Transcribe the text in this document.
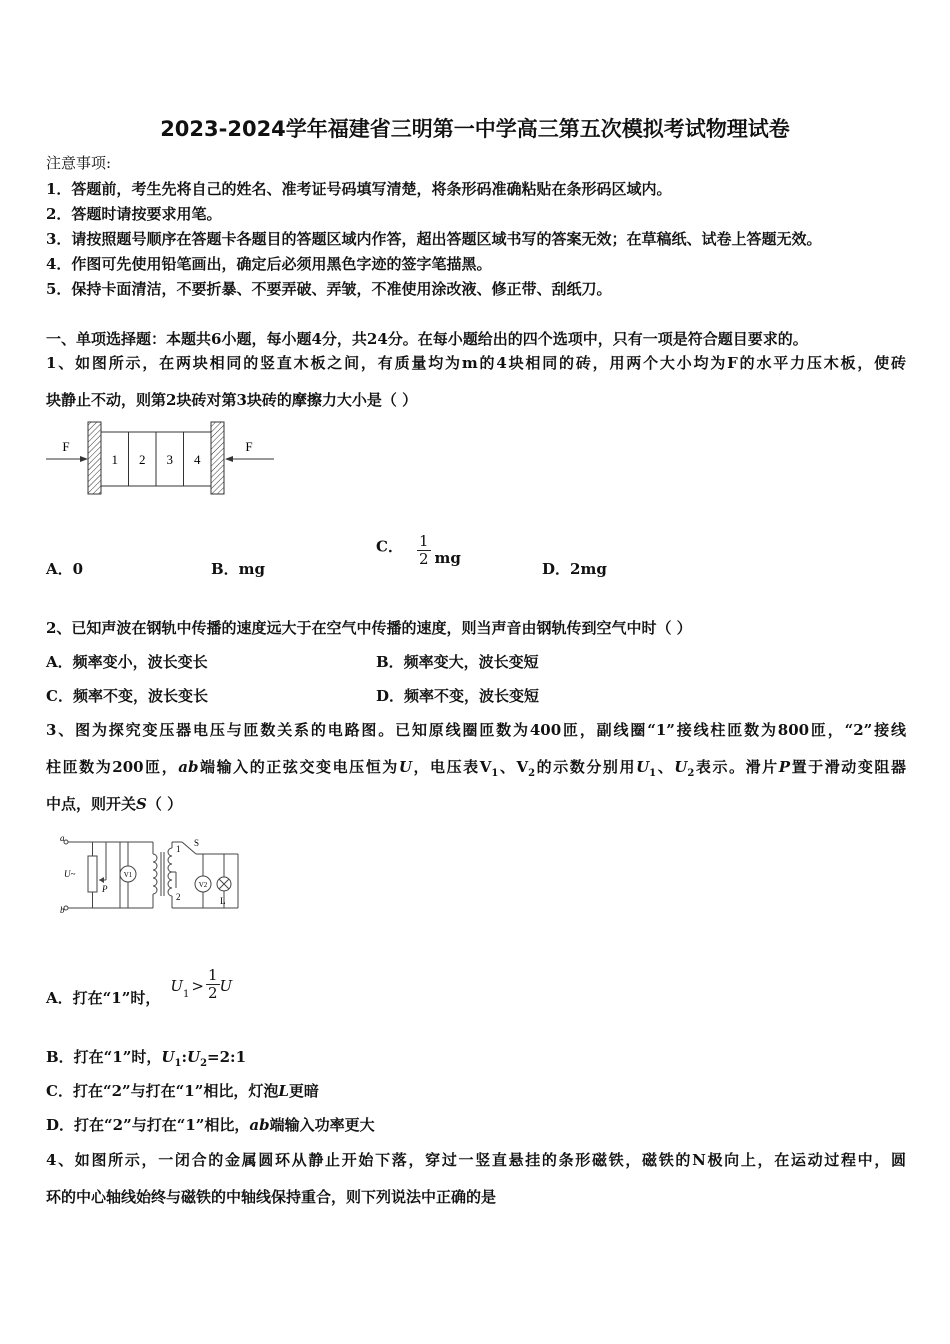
2023-2024学年福建省三明第一中学高三第五次模拟考试物理试卷
注意事项:
1．答题前，考生先将自己的姓名、准考证号码填写清楚，将条形码准确粘贴在条形码区域内。
2．答题时请按要求用笔。
3．请按照题号顺序在答题卡各题目的答题区域内作答，超出答题区域书写的答案无效；在草稿纸、试卷上答题无效。
4．作图可先使用铅笔画出，确定后必须用黑色字迹的签字笔描黑。
5．保持卡面清洁，不要折暴、不要弄破、弄皱，不准使用涂改液、修正带、刮纸刀。
一、单项选择题：本题共6小题，每小题4分，共24分。在每小题给出的四个选项中，只有一项是符合题目要求的。
1、如图所示，在两块相同的竖直木板之间，有质量均为m的4块相同的砖，用两个大小均为F的水平力压木板，使砖
块静止不动，则第2块砖对第3块砖的摩擦力大小是（ ）
1 2 3 4
F	F
A．0	B．mg
C． $\frac{1}{2}$ mg
D．2mg
2、已知声波在钢轨中传播的速度远大于在空气中传播的速度，则当声音由钢轨传到空气中时（ ）
A．频率变小，波长变长	B．频率变大，波长变短
C．频率不变，波长变长	D．频率不变，波长变短
3、图为探究变压器电压与匝数关系的电路图。已知原线圈匝数为400匝，副线圈“1”接线柱匝数为800匝，“2”接线
柱匝数为200匝，ab端输入的正弦交变电压恒为U，电压表$V_1$、$V_2$的示数分别用$U_1$、$U_2$表示。滑片P置于滑动变阻器
中点，则开关S（ ）
a
b
U~
P
V1
V2
S
1
2	L
A．打在“1”时，$U_1 > \frac{1}{2}$ U
B．打在“1”时，$U_1:U_2=2:1$
C．打在“2”与打在“1”相比，灯泡L更暗
D．打在“2”与打在“1”相比，ab端输入功率更大
4、如图所示，一闭合的金属圆环从静止开始下落，穿过一竖直悬挂的条形磁铁，磁铁的N极向上，在运动过程中，圆
环的中心轴线始终与磁铁的中轴线保持重合，则下列说法中正确的是
